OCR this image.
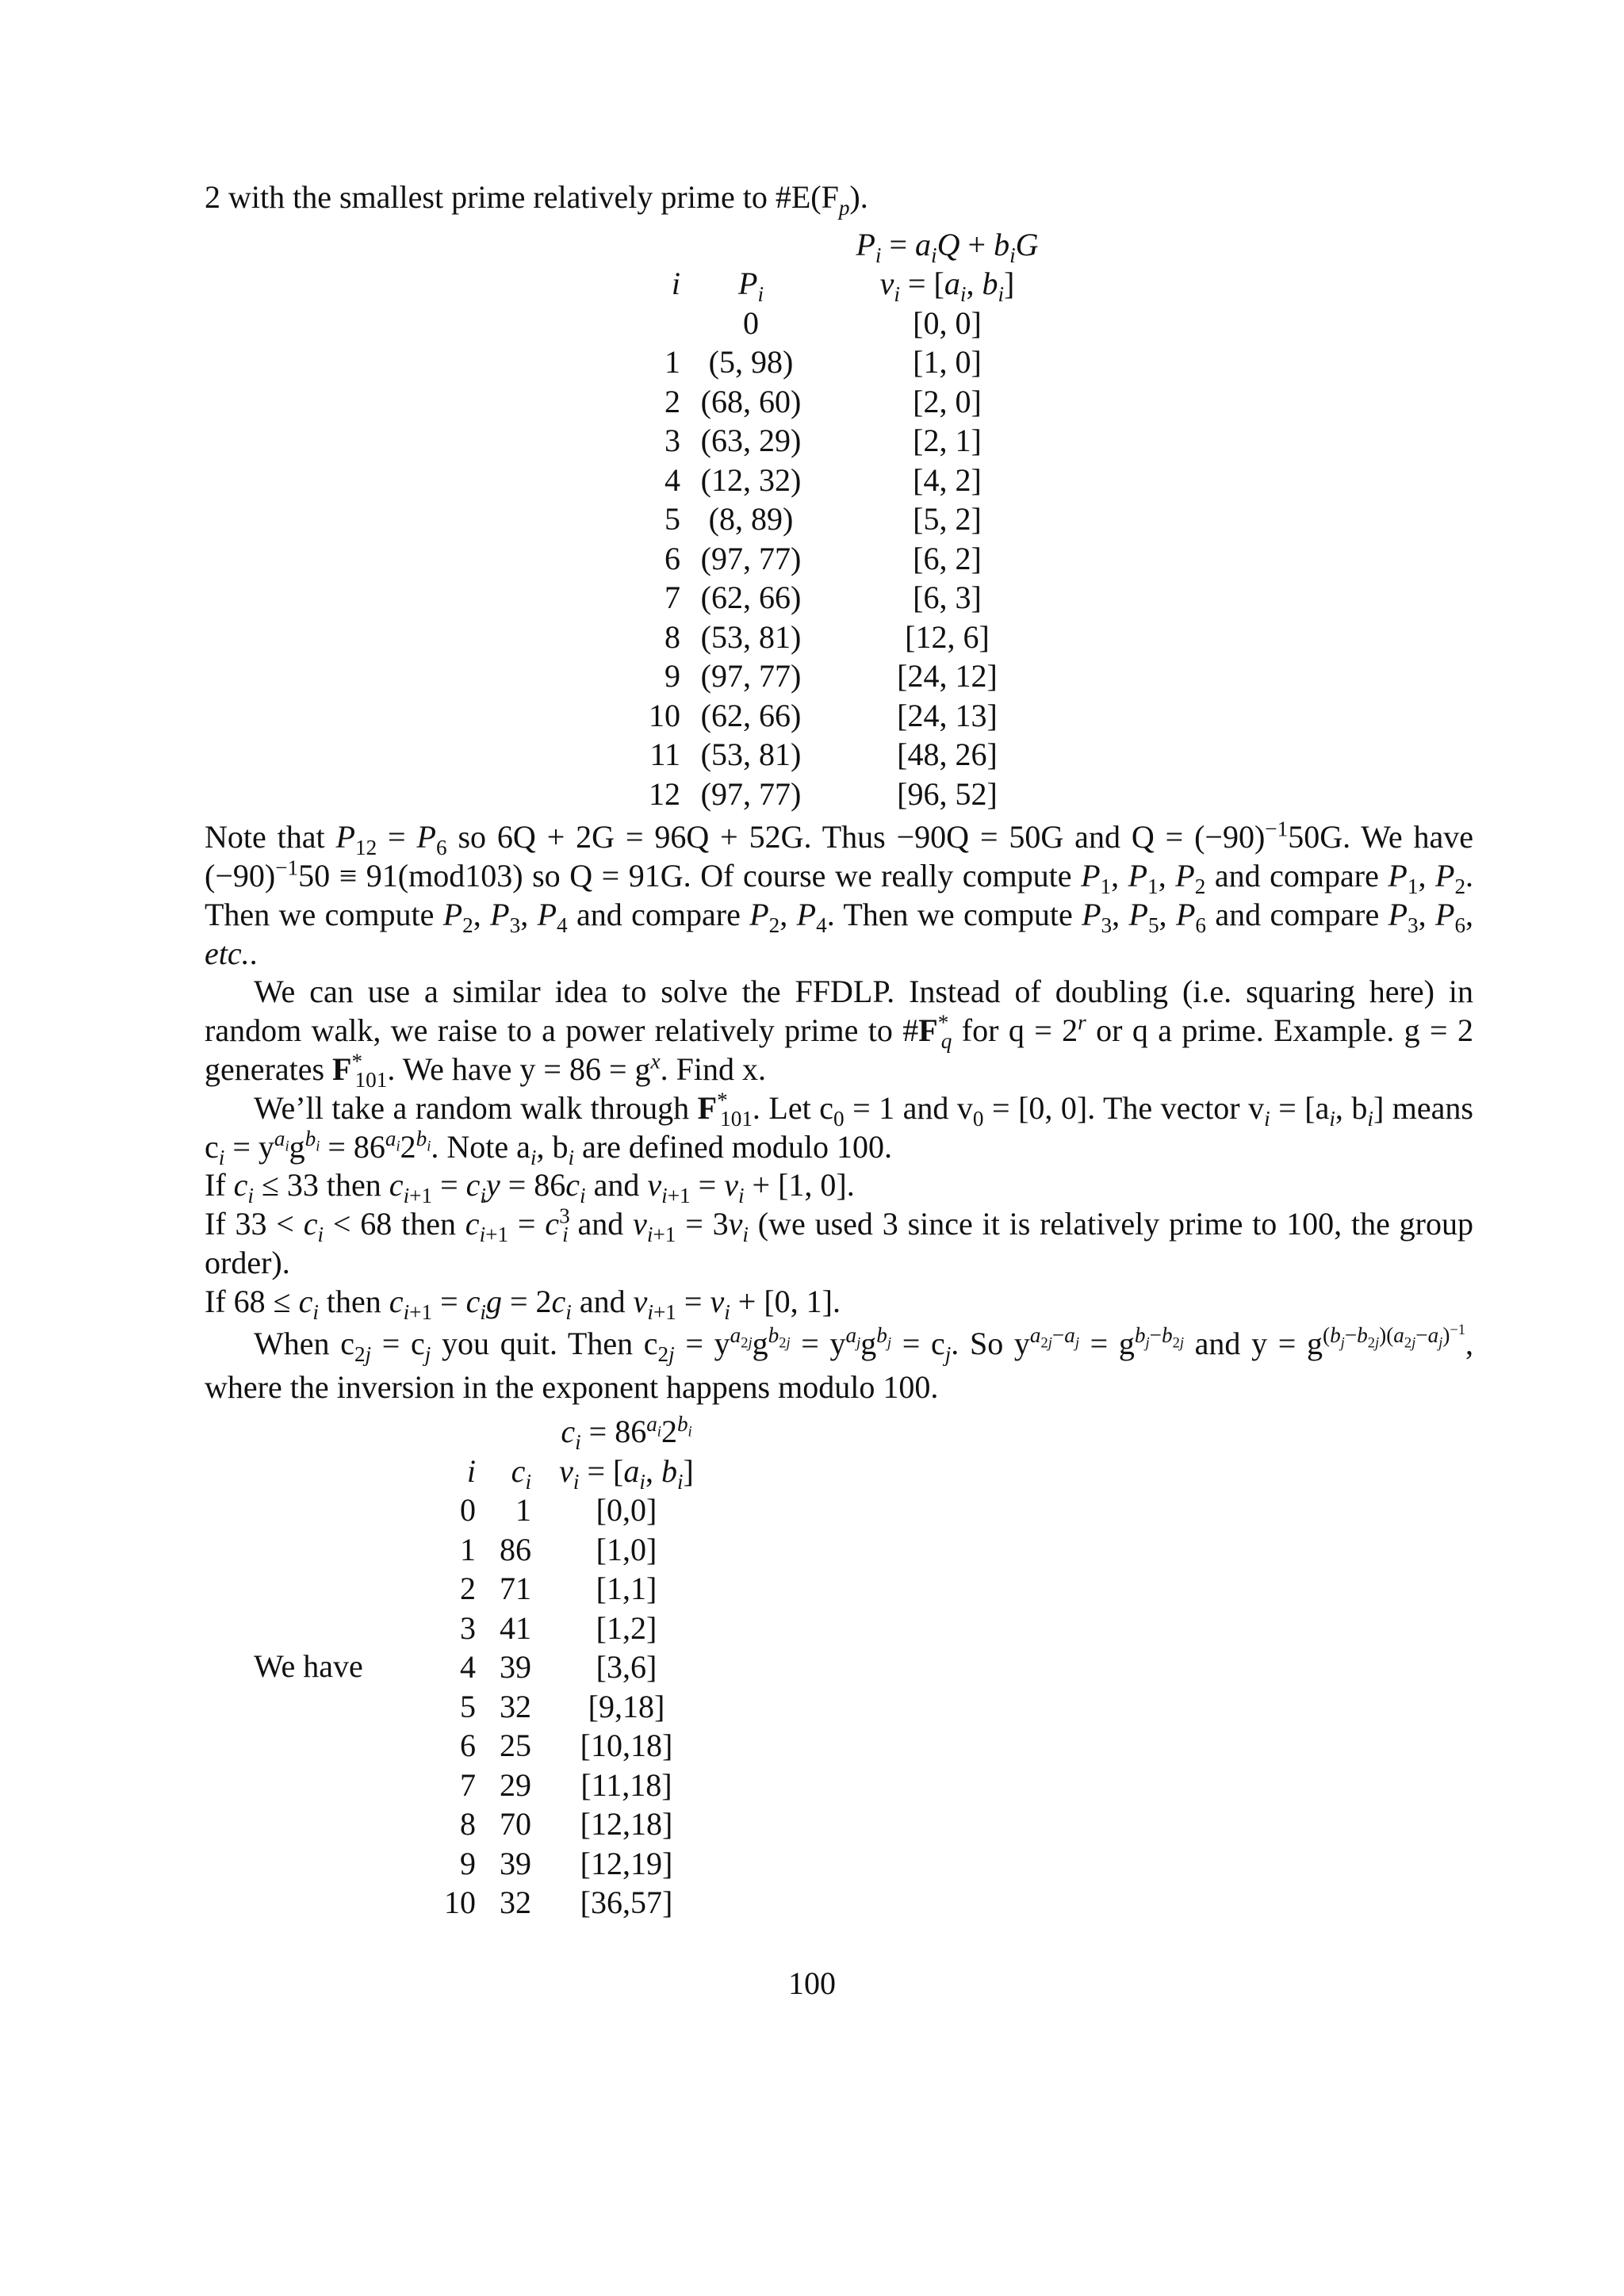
2 with the smallest prime relatively prime to $\#E(F_p)$.

		$P_i = a_iQ + b_iG$
i	$P_i$	$v_i = [a_i$, $b_i$]
	0	[0, 0]
1	(5, 98)	[1, 0]
2	(68, 60)	[2, 0]
3	(63, 29)	[2, 1]
4	(12, 32)	[4, 2]
5	(8, 89)	[5, 2]
6	(97, 77)	[6, 2]
7	(62, 66)	[6, 3]
8	(53, 81)	[12, 6]
9	(97, 77)	[24, 12]
10	(62, 66)	[24, 13]
11	(53, 81)	[48, 26]
12	(97, 77)	[96, 52]

Note that $P_{12} = P_6$ so 6Q + 2G = 96Q + 52G. Thus −90Q = 50G and $Q = (-90)^{-1}50G$. We have $(-90)^{-1}50 \equiv 91(mod103)$ so Q = 91G. Of course we really compute $P_1$, $P_1$, $P_2$ and compare $P_1$, $P_2$. Then we compute $P_2$, $P_3$, $P_4$ and compare $P_2$, $P_4$. Then we compute $P_3$, $P_5$, $P_6$ and compare $P_3$, $P_6$, etc..

We can use a similar idea to solve the FFDLP. Instead of doubling (i.e. squaring here) in random walk, we raise to a power relatively prime to $\#F^*_q$ for $q = 2^r$ or q a prime. Example. g = 2 generates $F^*_{101}$. We have $y = 86 = g^x$. Find x.

We’ll take a random walk through $F^*_{101}$. Let $c_0 = 1$ and $v_0 = [0$, 0]. The vector $v_i = [a_i$, $b_i$] means $c_i = y^{a_i}g^{b_i} = 86^{a_i}2^{b_i}$. Note $a_i$, $b_i$ are defined modulo 100.

If $c_i \le 33$ then $c_{i+1} = c_iy = 86c_i$ and $v_{i+1} = v_i + [1$, 0].

If $33 < c_i < 68$ then $c_{i+1} = c^3_i$ and $v_{i+1} = 3v_i$ (we used 3 since it is relatively prime to 100, the group order).

If $68 \le c_i$ then $c_{i+1} = c_ig = 2c_i$ and $v_{i+1} = v_i + [0$, 1].

When $c_{2j} = c_j$ you quit. Then $c_{2j} = y^{a_{2j}}g^{b_{2j}} = y^{a_j}g^{b_j} = c_j$. So $y^{a_{2j}-a_j} = g^{b_j-b_{2j}}$ and $y = g^{(b_j-b_{2j})(a_{2j}-a_j)^{-1}}$, where the inversion in the exponent happens modulo 100.

We have
		$c_i = 86^{a_i}2^{b_i}$
i	$c_i$	$v_i = [a_i$, $b_i$]
0	1	[0,0]
1	86	[1,0]
2	71	[1,1]
3	41	[1,2]
4	39	[3,6]
5	32	[9,18]
6	25	[10,18]
7	29	[11,18]
8	70	[12,18]
9	39	[12,19]
10	32	[36,57]
100
